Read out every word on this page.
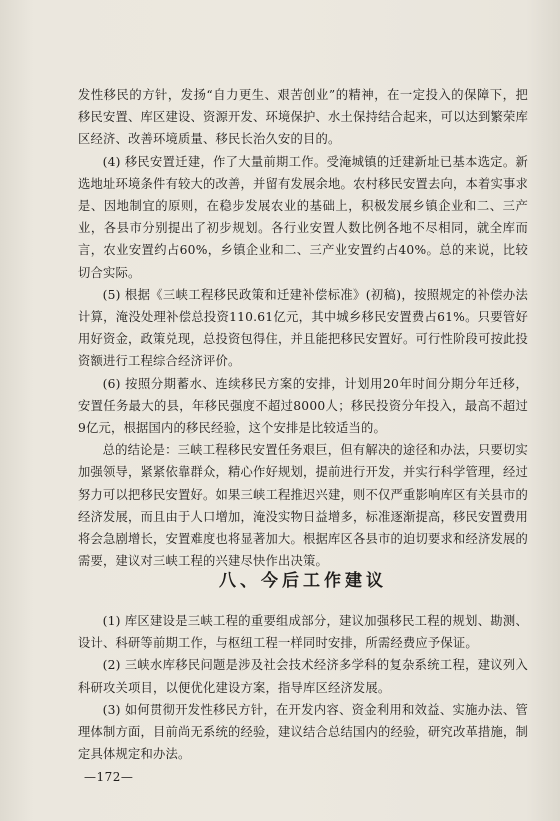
发性移民的方针，发扬“自力更生、艰苦创业”的精神，在一定投入的保障下，把移民安置、库区建设、资源开发、环境保护、水土保持结合起来，可以达到繁荣库区经济、改善环境质量、移民长治久安的目的。

(4) 移民安置迁建，作了大量前期工作。受淹城镇的迁建新址已基本选定。新选地址环境条件有较大的改善，并留有发展余地。农村移民安置去向，本着实事求是、因地制宜的原则，在稳步发展农业的基础上，积极发展乡镇企业和二、三产业，各县市分别提出了初步规划。各行业安置人数比例各地不尽相同，就全库而言，农业安置约占60%，乡镇企业和二、三产业安置约占40%。总的来说，比较切合实际。

(5) 根据《三峡工程移民政策和迁建补偿标准》(初稿)，按照规定的补偿办法计算，淹没处理补偿总投资110.61亿元，其中城乡移民安置费占61%。只要管好用好资金，政策兑现，总投资包得住，并且能把移民安置好。可行性阶段可按此投资额进行工程综合经济评价。

(6) 按照分期蓄水、连续移民方案的安排，计划用20年时间分期分年迁移，安置任务最大的县，年移民强度不超过8000人；移民投资分年投入，最高不超过9亿元，根据国内的移民经验，这个安排是比较适当的。

总的结论是：三峡工程移民安置任务艰巨，但有解决的途径和办法，只要切实加强领导，紧紧依靠群众，精心作好规划，提前进行开发，并实行科学管理，经过努力可以把移民安置好。如果三峡工程推迟兴建，则不仅严重影响库区有关县市的经济发展，而且由于人口增加，淹没实物日益增多，标准逐渐提高，移民安置费用将会急剧增长，安置难度也将显著加大。根据库区各县市的迫切要求和经济发展的需要，建议对三峡工程的兴建尽快作出决策。

八、今后工作建议

(1) 库区建设是三峡工程的重要组成部分，建议加强移民工程的规划、勘测、设计、科研等前期工作，与枢纽工程一样同时安排，所需经费应予保证。

(2) 三峡水库移民问题是涉及社会技术经济多学科的复杂系统工程，建议列入科研攻关项目，以便优化建设方案，指导库区经济发展。

(3) 如何贯彻开发性移民方针，在开发内容、资金利用和效益、实施办法、管理体制方面，目前尚无系统的经验，建议结合总结国内的经验，研究改革措施，制定具体规定和办法。

—172—
